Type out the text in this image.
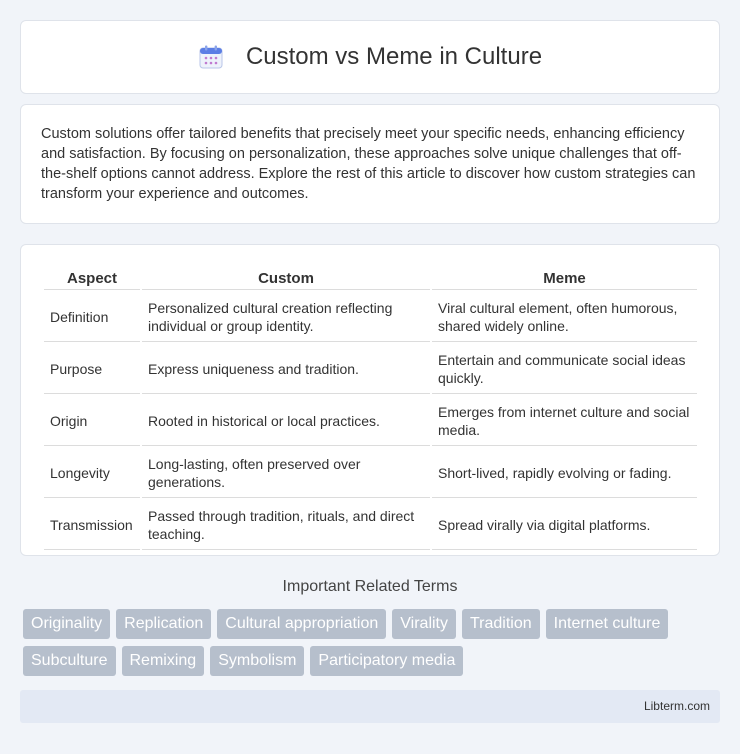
Custom vs Meme in Culture

Custom solutions offer tailored benefits that precisely meet your specific needs, enhancing efficiency and satisfaction. By focusing on personalization, these approaches solve unique challenges that off-the-shelf options cannot address. Explore the rest of this article to discover how custom strategies can transform your experience and outcomes.

Aspect	Custom	Meme
Definition	Personalized cultural creation reflecting individual or group identity.	Viral cultural element, often humorous, shared widely online.
Purpose	Express uniqueness and tradition.	Entertain and communicate social ideas quickly.
Origin	Rooted in historical or local practices.	Emerges from internet culture and social media.
Longevity	Long-lasting, often preserved over generations.	Short-lived, rapidly evolving or fading.
Transmission	Passed through tradition, rituals, and direct teaching.	Spread virally via digital platforms.
Important Related Terms
Originality	Replication	Cultural appropriation	Virality	Tradition	Internet culture
Subculture	Remixing	Symbolism	Participatory media
Libterm.com
